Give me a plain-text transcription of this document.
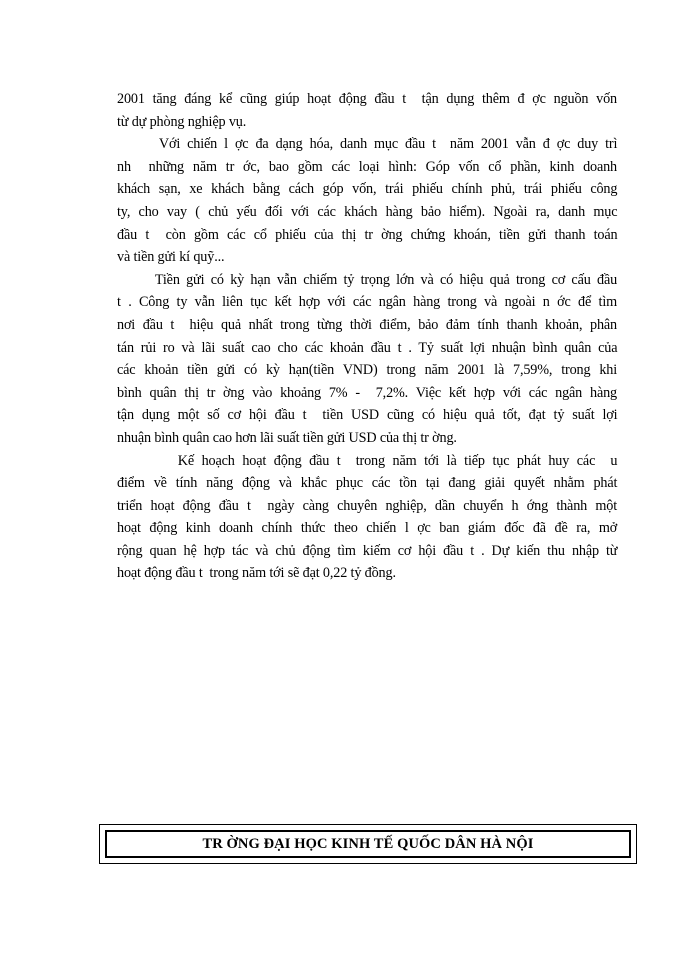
2001 tăng đáng kể cũng giúp hoạt động đầu t  tận dụng thêm đ ợc nguồn vốn
từ dự phòng nghiệp vụ.
Với chiến l ợc đa dạng hóa, danh mục đầu t  năm 2001 vẫn đ ợc duy trì
nh  những năm tr ớc, bao gồm các loại hình: Góp vốn cổ phần, kinh doanh
khách sạn, xe khách bằng cách góp vốn, trái phiếu chính phủ, trái phiếu công
ty, cho vay ( chủ yếu đối với các khách hàng bảo hiểm). Ngoài ra, danh mục
đầu t  còn gồm các cổ phiếu của thị tr ờng chứng khoán, tiền gửi thanh toán
và tiền gửi kí quỹ...
Tiền gửi có kỳ hạn vẫn chiếm tỷ trọng lớn và có hiệu quả trong cơ cấu đầu
t . Công ty vẫn liên tục kết hợp với các ngân hàng trong và ngoài n ớc để tìm
nơi đầu t  hiệu quả nhất trong từng thời điểm, bảo đảm tính thanh khoản, phân
tán rủi ro và lãi suất cao cho các khoản đầu t . Tỷ suất lợi nhuận bình quân của
các khoản tiền gửi có kỳ hạn(tiền VND) trong năm 2001 là 7,59%, trong khi
bình quân thị tr ờng vào khoảng 7% -  7,2%. Việc kết hợp với các ngân hàng
tận dụng một số cơ hội đầu t  tiền USD cũng có hiệu quả tốt, đạt tỷ suất lợi
nhuận bình quân cao hơn lãi suất tiền gửi USD của thị tr ờng.
Kế hoạch hoạt động đầu t  trong năm tới là tiếp tục phát huy các  u
điểm về tính năng động và khắc phục các tồn tại đang giải quyết nhằm phát
triển hoạt động đầu t  ngày càng chuyên nghiệp, dần chuyển h ớng thành một
hoạt động kinh doanh chính thức theo chiến l ợc ban giám đốc đã đề ra, mở
rộng quan hệ hợp tác và chủ động tìm kiếm cơ hội đầu t . Dự kiến thu nhập từ
hoạt động đầu t  trong năm tới sẽ đạt 0,22 tỷ đồng.
TR ỜNG ĐẠI HỌC KINH TẾ QUỐC DÂN HÀ NỘI
